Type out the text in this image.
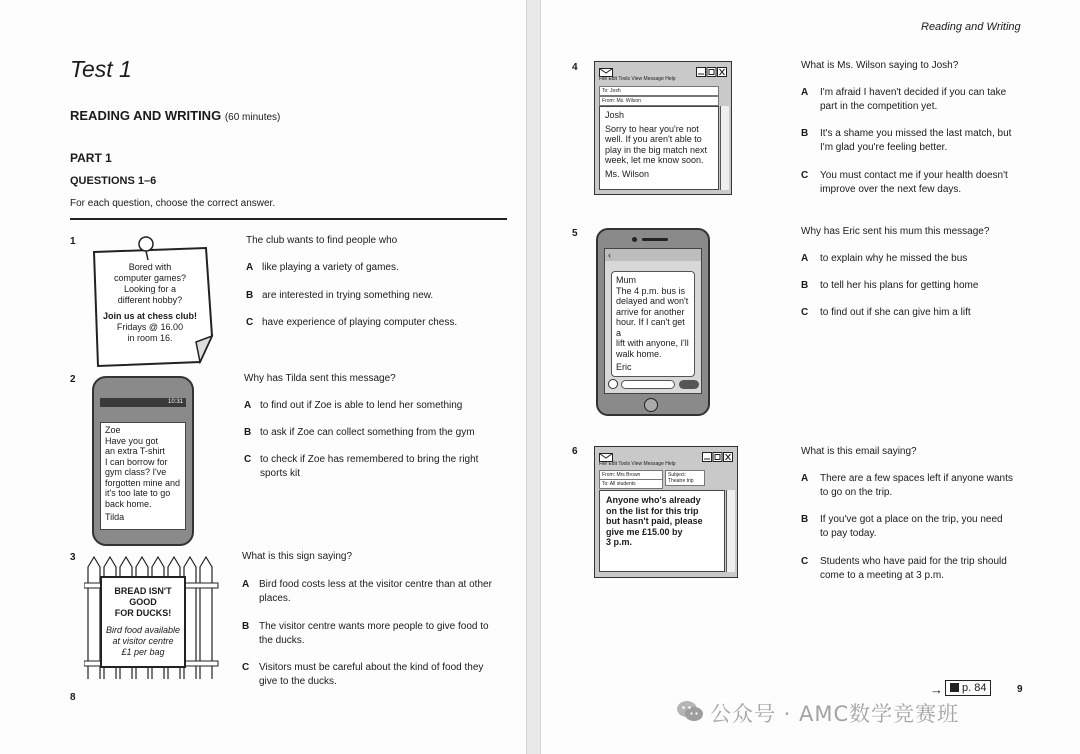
Test 1
READING AND WRITING (60 minutes)
PART 1
QUESTIONS 1–6
For each question, choose the correct answer.
1
Bored with
computer games?
Looking for a
different hobby?
Join us at chess club!
Fridays @ 16.00
in room 16.
The club wants to find people who
A like playing a variety of games.
B are interested in trying something new.
C have experience of playing computer chess.
2
10:31
Zoe
Have you got
an extra T-shirt
I can borrow for
gym class? I've
forgotten mine and
it's too late to go
back home.
Tilda
Why has Tilda sent this message?
A to find out if Zoe is able to lend her something
B to ask if Zoe can collect something from the gym
C to check if Zoe has remembered to bring the right
sports kit
3
BREAD ISN'T
GOOD
FOR DUCKS!
Bird food available
at visitor centre
£1 per bag
What is this sign saying?
A Bird food costs less at the visitor centre than at other
places.
B The visitor centre wants more people to give food to
the ducks.
C Visitors must be careful about the kind of food they
give to the ducks.
8
Reading and Writing
4
File Edit Tools View Message Help
To: Josh
From: Ms. Wilson
Josh
Sorry to hear you're not
well. If you aren't able to
play in the big match next
week, let me know soon.
Ms. Wilson
What is Ms. Wilson saying to Josh?
A I'm afraid I haven't decided if you can take
part in the competition yet.
B It's a shame you missed the last match, but
I'm glad you're feeling better.
C You must contact me if your health doesn't
improve over the next few days.
5
‹
Mum
The 4 p.m. bus is
delayed and won't
arrive for another
hour. If I can't get a
lift with anyone, I'll
walk home.
Eric
Why has Eric sent his mum this message?
A to explain why he missed the bus
B to tell her his plans for getting home
C to find out if she can give him a lift
6
File Edit Tools View Message Help
From: Mrs Brown
To: All students
Subject:
Theatre trip
Anyone who's already
on the list for this trip
but hasn't paid, please
give me £15.00 by
3 p.m.
What is this email saying?
A There are a few spaces left if anyone wants
to go on the trip.
B If you've got a place on the trip, you need
to pay today.
C Students who have paid for the trip should
come to a meeting at 3 p.m.
→	p. 84	9
公众号 · AMC数学竞赛班
